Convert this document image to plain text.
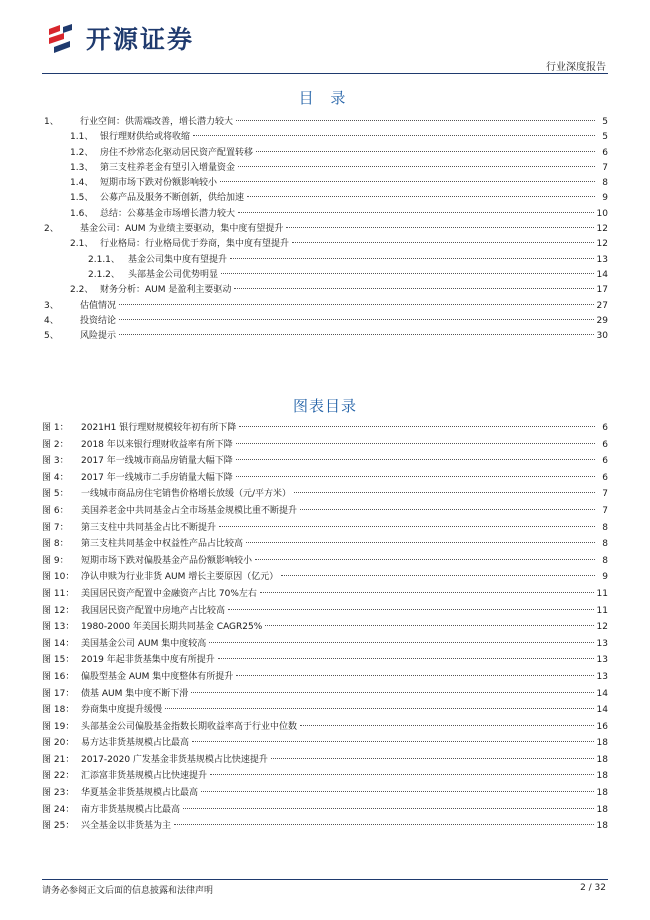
开源证券
行业深度报告
目 录
1、	行业空间：供需端改善，增长潜力较大	5
1.1、 银行理财供给或将收缩	5
1.2、 房住不炒常态化驱动居民资产配置转移	6
1.3、 第三支柱养老金有望引入增量资金	7
1.4、 短期市场下跌对份额影响较小	8
1.5、 公募产品及服务不断创新，供给加速	9
1.6、 总结：公募基金市场增长潜力较大	10
2、	基金公司：AUM 为业绩主要驱动，集中度有望提升	12
2.1、 行业格局：行业格局优于券商，集中度有望提升	12
2.1.1、 基金公司集中度有望提升	13
2.1.2、 头部基金公司优势明显	14
2.2、 财务分析：AUM 是盈利主要驱动	17
3、	估值情况	27
4、	投资结论	29
5、	风险提示	30
图表目录
图 1：	2021H1 银行理财规模较年初有所下降	6
图 2：	2018 年以来银行理财收益率有所下降	6
图 3：	2017 年一线城市商品房销量大幅下降	6
图 4：	2017 年一线城市二手房销量大幅下降	6
图 5：	一线城市商品房住宅销售价格增长放缓（元/平方米）	7
图 6：	美国养老金中共同基金占全市场基金规模比重不断提升	7
图 7：	第三支柱中共同基金占比不断提升	8
图 8：	第三支柱共同基金中权益性产品占比较高	8
图 9：	短期市场下跌对偏股基金产品份额影响较小	8
图 10： 净认申赎为行业非货 AUM 增长主要原因（亿元）	9
图 11： 美国居民资产配置中金融资产占比 70%左右	11
图 12： 我国居民资产配置中房地产占比较高	11
图 13： 1980-2000 年美国长期共同基金 CAGR25%	12
图 14： 美国基金公司 AUM 集中度较高	13
图 15： 2019 年起非货基集中度有所提升	13
图 16： 偏股型基金 AUM 集中度整体有所提升	13
图 17： 债基 AUM 集中度不断下滑	14
图 18： 券商集中度提升缓慢	14
图 19： 头部基金公司偏股基金指数长期收益率高于行业中位数	16
图 20： 易方达非货基规模占比最高	18
图 21： 2017-2020 广发基金非货基规模占比快速提升	18
图 22： 汇添富非货基规模占比快速提升	18
图 23： 华夏基金非货基规模占比最高	18
图 24： 南方非货基规模占比最高	18
图 25： 兴全基金以非货基为主	18
请务必参阅正文后面的信息披露和法律声明	2 / 32
